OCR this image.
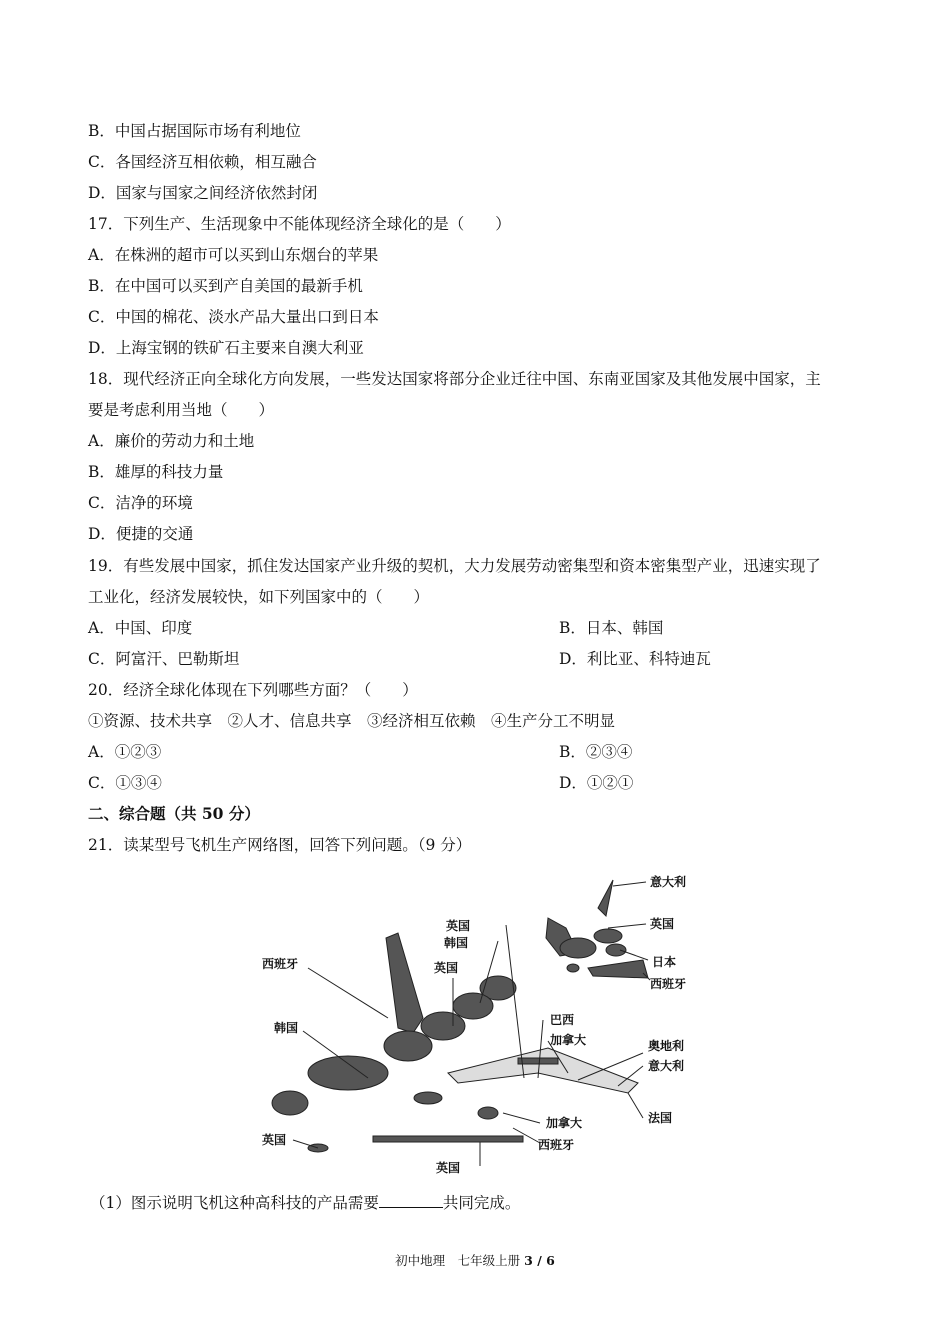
B．中国占据国际市场有利地位
C．各国经济互相依赖，相互融合
D．国家与国家之间经济依然封闭
17．下列生产、生活现象中不能体现经济全球化的是（　　）
A．在株洲的超市可以买到山东烟台的苹果
B．在中国可以买到产自美国的最新手机
C．中国的棉花、淡水产品大量出口到日本
D．上海宝钢的铁矿石主要来自澳大利亚
18．现代经济正向全球化方向发展，一些发达国家将部分企业迁往中国、东南亚国家及其他发展中国家，主
要是考虑利用当地（　　）
A．廉价的劳动力和土地
B．雄厚的科技力量
C．洁净的环境
D．便捷的交通
19．有些发展中国家，抓住发达国家产业升级的契机，大力发展劳动密集型和资本密集型产业，迅速实现了
工业化，经济发展较快，如下列国家中的（　　）
A．中国、印度	B．日本、韩国
C．阿富汗、巴勒斯坦	D．利比亚、科特迪瓦
20．经济全球化体现在下列哪些方面？（　　）
①资源、技术共享　②人才、信息共享　③经济相互依赖　④生产分工不明显
A．①②③	B．②③④
C．①③④	D．①②①
二、综合题（共 50 分）
21．读某型号飞机生产网络图，回答下列问题。（9 分）
意大利
英国
日本
西班牙
英国
韩国
英国
西班牙
巴西
加拿大	奥地利
意大利
韩国
法国
加拿大
西班牙
英国
英国
（1）图示说明飞机这种高科技的产品需要	共同完成。
初中地理　七年级上册 3 / 6
